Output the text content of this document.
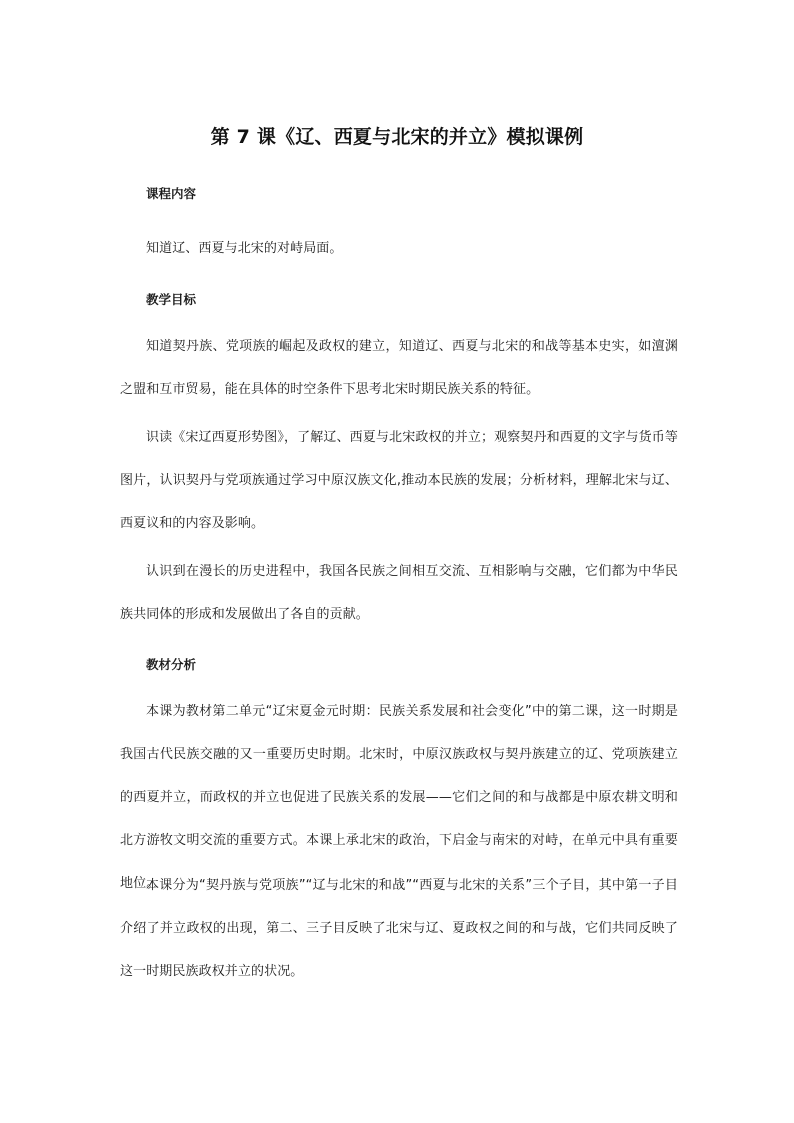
第 7 课《辽、西夏与北宋的并立》模拟课例
课程内容
知道辽、西夏与北宋的对峙局面。
教学目标
知道契丹族、党项族的崛起及政权的建立，知道辽、西夏与北宋的和战等基本史实，如澶渊之盟和互市贸易，能在具体的时空条件下思考北宋时期民族关系的特征。
识读《宋辽西夏形势图》，了解辽、西夏与北宋政权的并立；观察契丹和西夏的文字与货币等图片，认识契丹与党项族通过学习中原汉族文化,推动本民族的发展；分析材料，理解北宋与辽、西夏议和的内容及影响。
认识到在漫长的历史进程中，我国各民族之间相互交流、互相影响与交融，它们都为中华民族共同体的形成和发展做出了各自的贡献。
教材分析
本课为教材第二单元“辽宋夏金元时期：民族关系发展和社会变化”中的第二课，这一时期是我国古代民族交融的又一重要历史时期。北宋时，中原汉族政权与契丹族建立的辽、党项族建立的西夏并立，而政权的并立也促进了民族关系的发展——它们之间的和与战都是中原农耕文明和北方游牧文明交流的重要方式。本课上承北宋的政治，下启金与南宋的对峙，在单元中具有重要地位。
本课分为“契丹族与党项族”“辽与北宋的和战”“西夏与北宋的关系”三个子目，其中第一子目介绍了并立政权的出现，第二、三子目反映了北宋与辽、夏政权之间的和与战，它们共同反映了这一时期民族政权并立的状况。
